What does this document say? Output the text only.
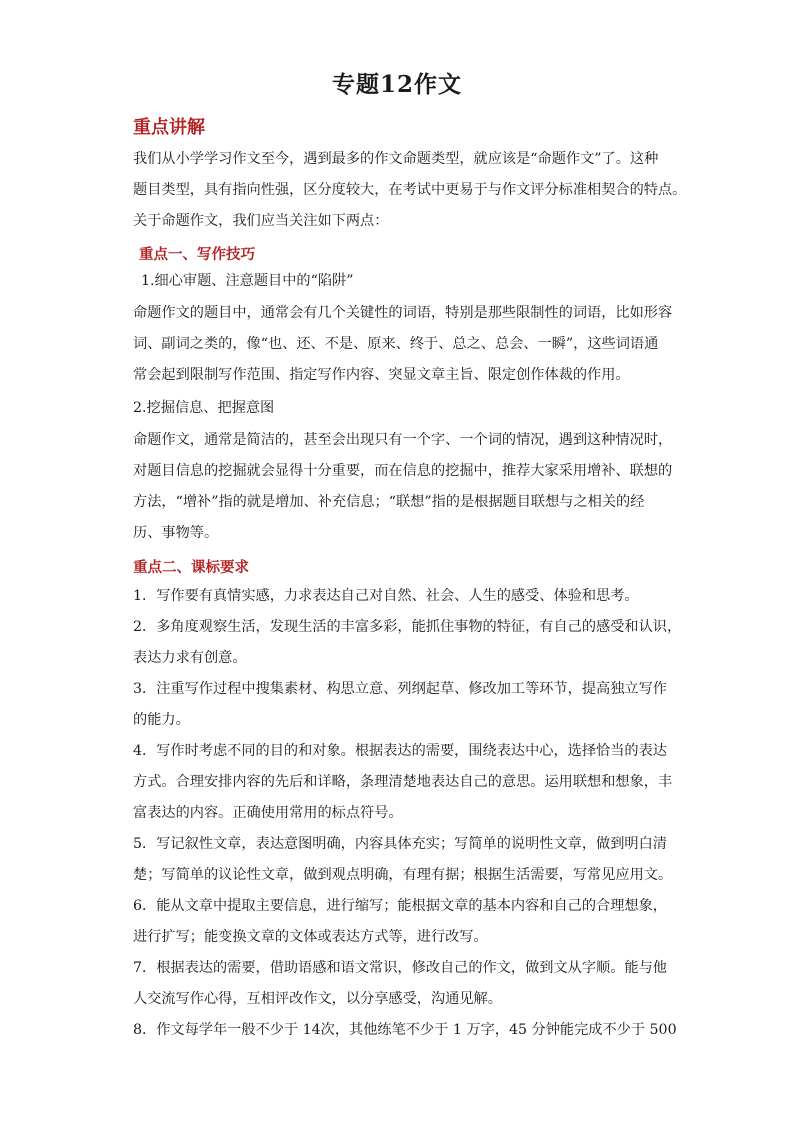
专题12作文
重点讲解
我们从小学学习作文至今，遇到最多的作文命题类型，就应该是“命题作文”了。这种
题目类型，具有指向性强，区分度较大，在考试中更易于与作文评分标准相契合的特点。
关于命题作文，我们应当关注如下两点：
重点一、写作技巧
1.细心审题、注意题目中的“陷阱”
命题作文的题目中，通常会有几个关键性的词语，特别是那些限制性的词语，比如形容
词、副词之类的，像“也、还、不是、原来、终于、总之、总会、一瞬”，这些词语通
常会起到限制写作范围、指定写作内容、突显文章主旨、限定创作体裁的作用。
2.挖掘信息、把握意图
命题作文，通常是简洁的，甚至会出现只有一个字、一个词的情况，遇到这种情况时，
对题目信息的挖掘就会显得十分重要，而在信息的挖掘中，推荐大家采用增补、联想的
方法，“增补”指的就是增加、补充信息；“联想”指的是根据题目联想与之相关的经
历、事物等。
重点二、课标要求
1．写作要有真情实感，力求表达自己对自然、社会、人生的感受、体验和思考。
2．多角度观察生活，发现生活的丰富多彩，能抓住事物的特征，有自己的感受和认识，
表达力求有创意。
3．注重写作过程中搜集素材、构思立意、列纲起草、修改加工等环节，提高独立写作
的能力。
4．写作时考虑不同的目的和对象。根据表达的需要，围绕表达中心，选择恰当的表达
方式。合理安排内容的先后和详略，条理清楚地表达自己的意思。运用联想和想象，丰
富表达的内容。正确使用常用的标点符号。
5．写记叙性文章，表达意图明确，内容具体充实；写简单的说明性文章，做到明白清
楚；写简单的议论性文章，做到观点明确，有理有据；根据生活需要，写常见应用文。
6．能从文章中提取主要信息，进行缩写；能根据文章的基本内容和自己的合理想象，
进行扩写；能变换文章的文体或表达方式等，进行改写。
7．根据表达的需要，借助语感和语文常识，修改自己的作文，做到文从字顺。能与他
人交流写作心得，互相评改作文，以分享感受，沟通见解。
8．作文每学年一般不少于 14次，其他练笔不少于 1 万字，45 分钟能完成不少于 500
